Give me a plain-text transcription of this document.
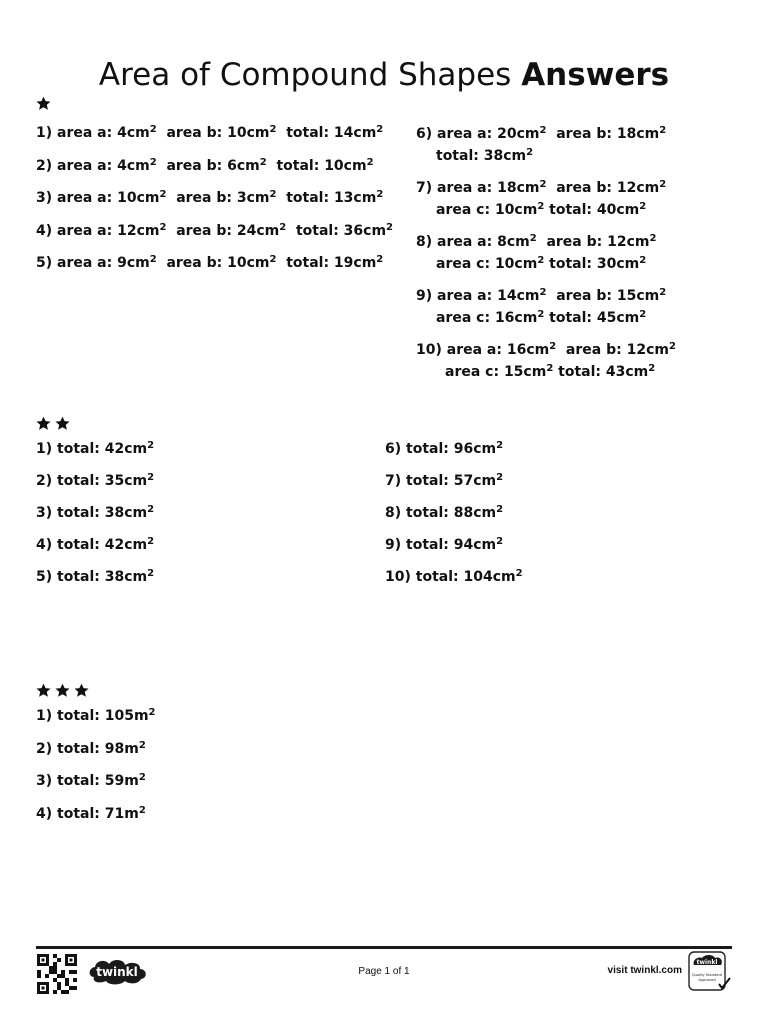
Area of Compound Shapes Answers
1) area a: $4cm^2$  area b: $10cm^2$  total: $14cm^2$
2) area a: $4cm^2$  area b: $6cm^2$  total: $10cm^2$
3) area a: $10cm^2$  area b: $3cm^2$  total: $13cm^2$
4) area a: $12cm^2$  area b: $24cm^2$  total: $36cm^2$
5) area a: $9cm^2$  area b: $10cm^2$  total: $19cm^2$
6) area a: $20cm^2$  area b: $18cm^2$
total: $38cm^2$
7) area a: $18cm^2$  area b: $12cm^2$
area c: $10cm^2$ total: $40cm^2$
8) area a: $8cm^2$  area b: $12cm^2$
area c: $10cm^2$ total: $30cm^2$
9) area a: $14cm^2$  area b: $15cm^2$
area c: $16cm^2$ total: $45cm^2$
10) area a: $16cm^2$  area b: $12cm^2$
area c: $15cm^2$ total: $43cm^2$
1) total: $42cm^2$
2) total: $35cm^2$
3) total: $38cm^2$
4) total: $42cm^2$
5) total: $38cm^2$
6) total: $96cm^2$
7) total: $57cm^2$
8) total: $88cm^2$
9) total: $94cm^2$
10) total: $104cm^2$
1) total: $105m^2$
2) total: $98m^2$
3) total: $59m^2$
4) total: $71m^2$
twinkl	Page 1 of 1	visit twinkl.com
twinkl
Quality Standard
Approved
